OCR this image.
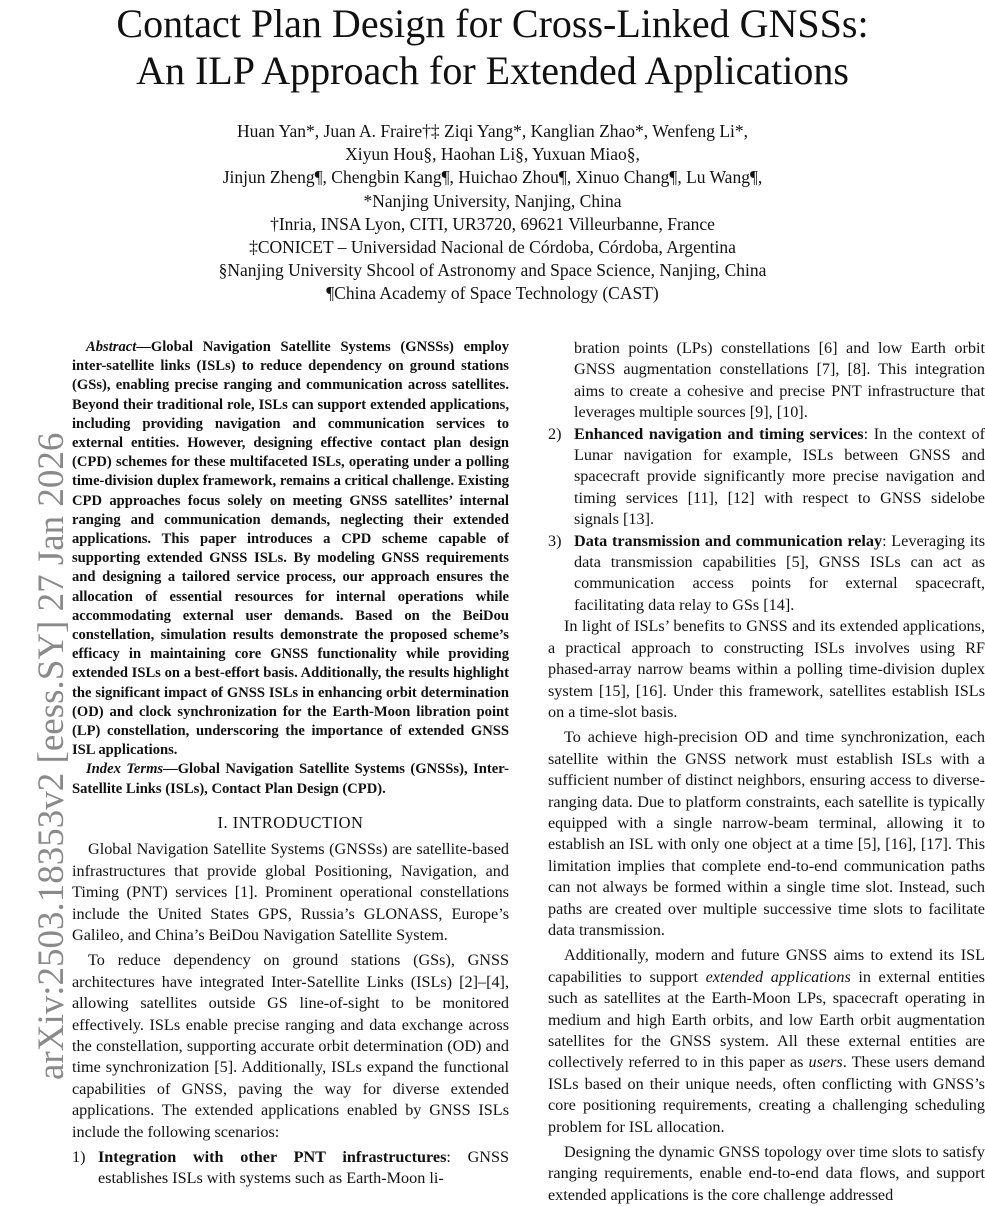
Contact Plan Design for Cross-Linked GNSSs:
An ILP Approach for Extended Applications
Huan Yan*, Juan A. Fraire†‡ Ziqi Yang*, Kanglian Zhao*, Wenfeng Li*,
Xiyun Hou§, Haohan Li§, Yuxuan Miao§,
Jinjun Zheng¶, Chengbin Kang¶, Huichao Zhou¶, Xinuo Chang¶, Lu Wang¶,
*Nanjing University, Nanjing, China
†Inria, INSA Lyon, CITI, UR3720, 69621 Villeurbanne, France
‡CONICET – Universidad Nacional de Córdoba, Córdoba, Argentina
§Nanjing University Shcool of Astronomy and Space Science, Nanjing, China
¶China Academy of Space Technology (CAST)
arXiv:2503.18353v2 [eess.SY] 27 Jan 2026

Abstract—Global Navigation Satellite Systems (GNSSs) employ inter-satellite links (ISLs) to reduce dependency on ground stations (GSs), enabling precise ranging and communication across satellites. Beyond their traditional role, ISLs can support extended applications, including providing navigation and communication services to external entities. However, designing effective contact plan design (CPD) schemes for these multifaceted ISLs, operating under a polling time-division duplex framework, remains a critical challenge. Existing CPD approaches focus solely on meeting GNSS satellites’ internal ranging and communication demands, neglecting their extended applications. This paper introduces a CPD scheme capable of supporting extended GNSS ISLs. By modeling GNSS requirements and designing a tailored service process, our approach ensures the allocation of essential resources for internal operations while accommodating external user demands. Based on the BeiDou constellation, simulation results demonstrate the proposed scheme’s efficacy in maintaining core GNSS functionality while providing extended ISLs on a best-effort basis. Additionally, the results highlight the significant impact of GNSS ISLs in enhancing orbit determination (OD) and clock synchronization for the Earth-Moon libration point (LP) constellation, underscoring the importance of extended GNSS ISL applications.

Index Terms—Global Navigation Satellite Systems (GNSSs), Inter-Satellite Links (ISLs), Contact Plan Design (CPD).

I. INTRODUCTION

Global Navigation Satellite Systems (GNSSs) are satellite-based infrastructures that provide global Positioning, Navigation, and Timing (PNT) services [1]. Prominent operational constellations include the United States GPS, Russia’s GLONASS, Europe’s Galileo, and China’s BeiDou Navigation Satellite System.

To reduce dependency on ground stations (GSs), GNSS architectures have integrated Inter-Satellite Links (ISLs) [2]–[4], allowing satellites outside GS line-of-sight to be monitored effectively. ISLs enable precise ranging and data exchange across the constellation, supporting accurate orbit determination (OD) and time synchronization [5]. Additionally, ISLs expand the functional capabilities of GNSS, paving the way for diverse extended applications. The extended applications enabled by GNSS ISLs include the following scenarios:

1) Integration with other PNT infrastructures: GNSS establishes ISLs with systems such as Earth-Moon li-

bration points (LPs) constellations [6] and low Earth orbit GNSS augmentation constellations [7], [8]. This integration aims to create a cohesive and precise PNT infrastructure that leverages multiple sources [9], [10].

2) Enhanced navigation and timing services: In the context of Lunar navigation for example, ISLs between GNSS and spacecraft provide significantly more precise navigation and timing services [11], [12] with respect to GNSS sidelobe signals [13].
3) Data transmission and communication relay: Leveraging its data transmission capabilities [5], GNSS ISLs can act as communication access points for external spacecraft, facilitating data relay to GSs [14].

In light of ISLs’ benefits to GNSS and its extended applications, a practical approach to constructing ISLs involves using RF phased-array narrow beams within a polling time-division duplex system [15], [16]. Under this framework, satellites establish ISLs on a time-slot basis.

To achieve high-precision OD and time synchronization, each satellite within the GNSS network must establish ISLs with a sufficient number of distinct neighbors, ensuring access to diverse-ranging data. Due to platform constraints, each satellite is typically equipped with a single narrow-beam terminal, allowing it to establish an ISL with only one object at a time [5], [16], [17]. This limitation implies that complete end-to-end communication paths can not always be formed within a single time slot. Instead, such paths are created over multiple successive time slots to facilitate data transmission.

Additionally, modern and future GNSS aims to extend its ISL capabilities to support extended applications in external entities such as satellites at the Earth-Moon LPs, spacecraft operating in medium and high Earth orbits, and low Earth orbit augmentation satellites for the GNSS system. All these external entities are collectively referred to in this paper as users. These users demand ISLs based on their unique needs, often conflicting with GNSS’s core positioning requirements, creating a challenging scheduling problem for ISL allocation.

Designing the dynamic GNSS topology over time slots to satisfy ranging requirements, enable end-to-end data flows, and support extended applications is the core challenge addressed
